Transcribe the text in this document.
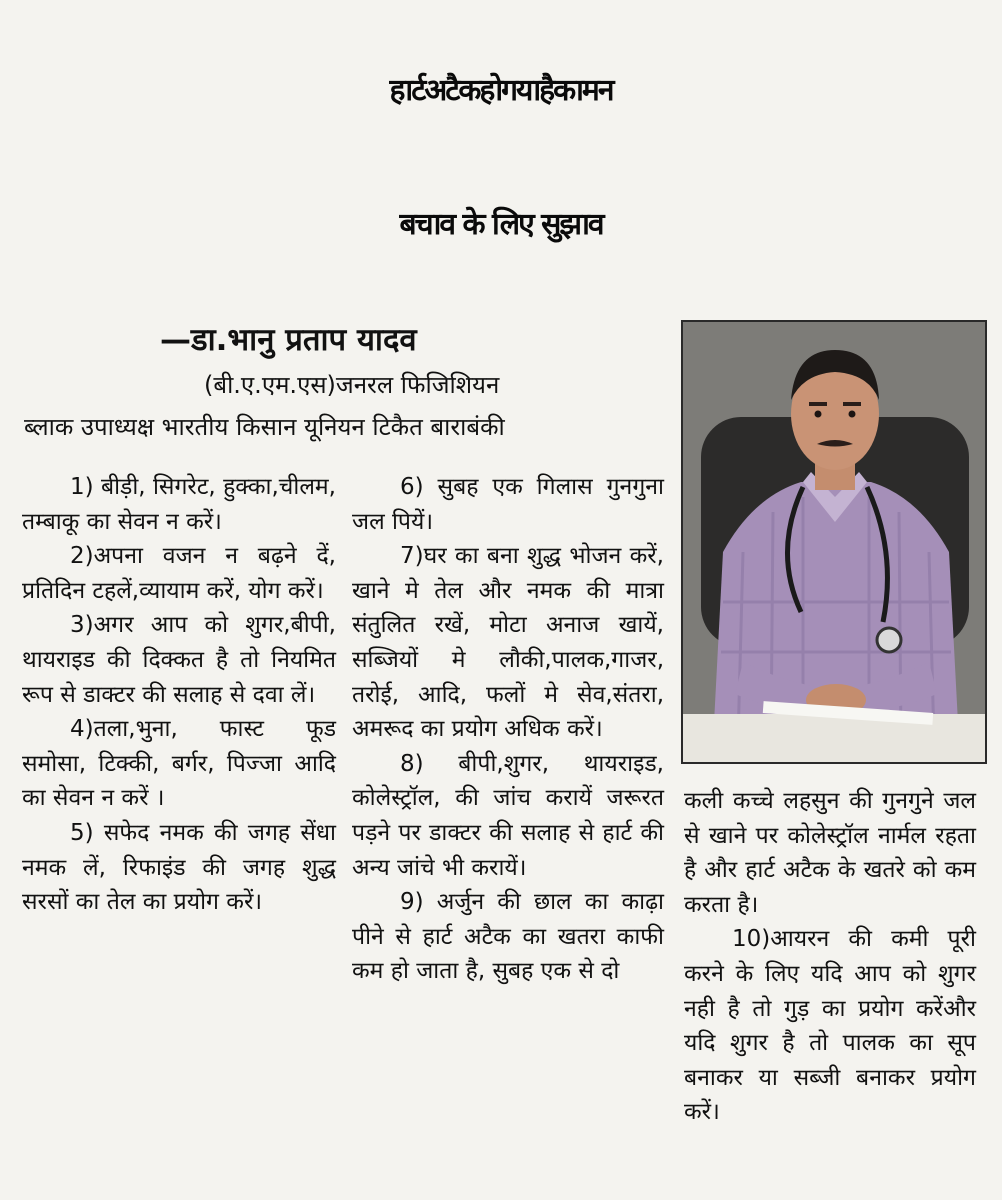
हार्टअटैकहोगयाहैकामन
बचाव के लिए सुझाव
—डा.भानु प्रताप यादव
(बी.ए.एम.एस)जनरल फिजिशियन
ब्लाक उपाध्यक्ष भारतीय किसान यूनियन टिकैत बाराबंकी

1) बीड़ी, सिगरेट, हुक्का,चीलम, तम्बाकू का सेवन न करें।

2)अपना वजन न बढ़ने दें, प्रतिदिन टहलें,व्यायाम करें, योग करें।

3)अगर आप को शुगर,बीपी, थायराइड की दिक्कत है तो नियमित रूप से डाक्टर की सलाह से दवा लें।

4)तला,भुना, फास्ट फूड समोसा, टिक्की, बर्गर, पिज्जा आदि का सेवन न करें ।

5) सफेद नमक की जगह सेंधा नमक लें, रिफाइंड की जगह शुद्ध सरसों का तेल का प्रयोग करें।

6) सुबह एक गिलास गुनगुना जल पियें।

7)घर का बना शुद्ध भोजन करें, खाने मे तेल और नमक की मात्रा संतुलित रखें, मोटा अनाज खायें, सब्जियों मे लौकी,पालक,गाजर, तरोई, आदि, फलों मे सेव,संतरा, अमरूद का प्रयोग अधिक करें।

8) बीपी,शुगर, थायराइड, कोलेस्ट्रॉल, की जांच करायें जरूरत पड़ने पर डाक्टर की सलाह से हार्ट की अन्य जांचे भी करायें।

9) अर्जुन की छाल का काढ़ा पीने से हार्ट अटैक का खतरा काफी कम हो जाता है, सुबह एक से दो

कली कच्चे लहसुन की गुनगुने जल से खाने पर कोलेस्ट्रॉल नार्मल रहता है और हार्ट अटैक के खतरे को कम करता है।

10)आयरन की कमी पूरी करने के लिए यदि आप को शुगर नही है तो गुड़ का प्रयोग करेंऔर यदि शुगर है तो पालक का सूप बनाकर या सब्जी बनाकर प्रयोग करें।
